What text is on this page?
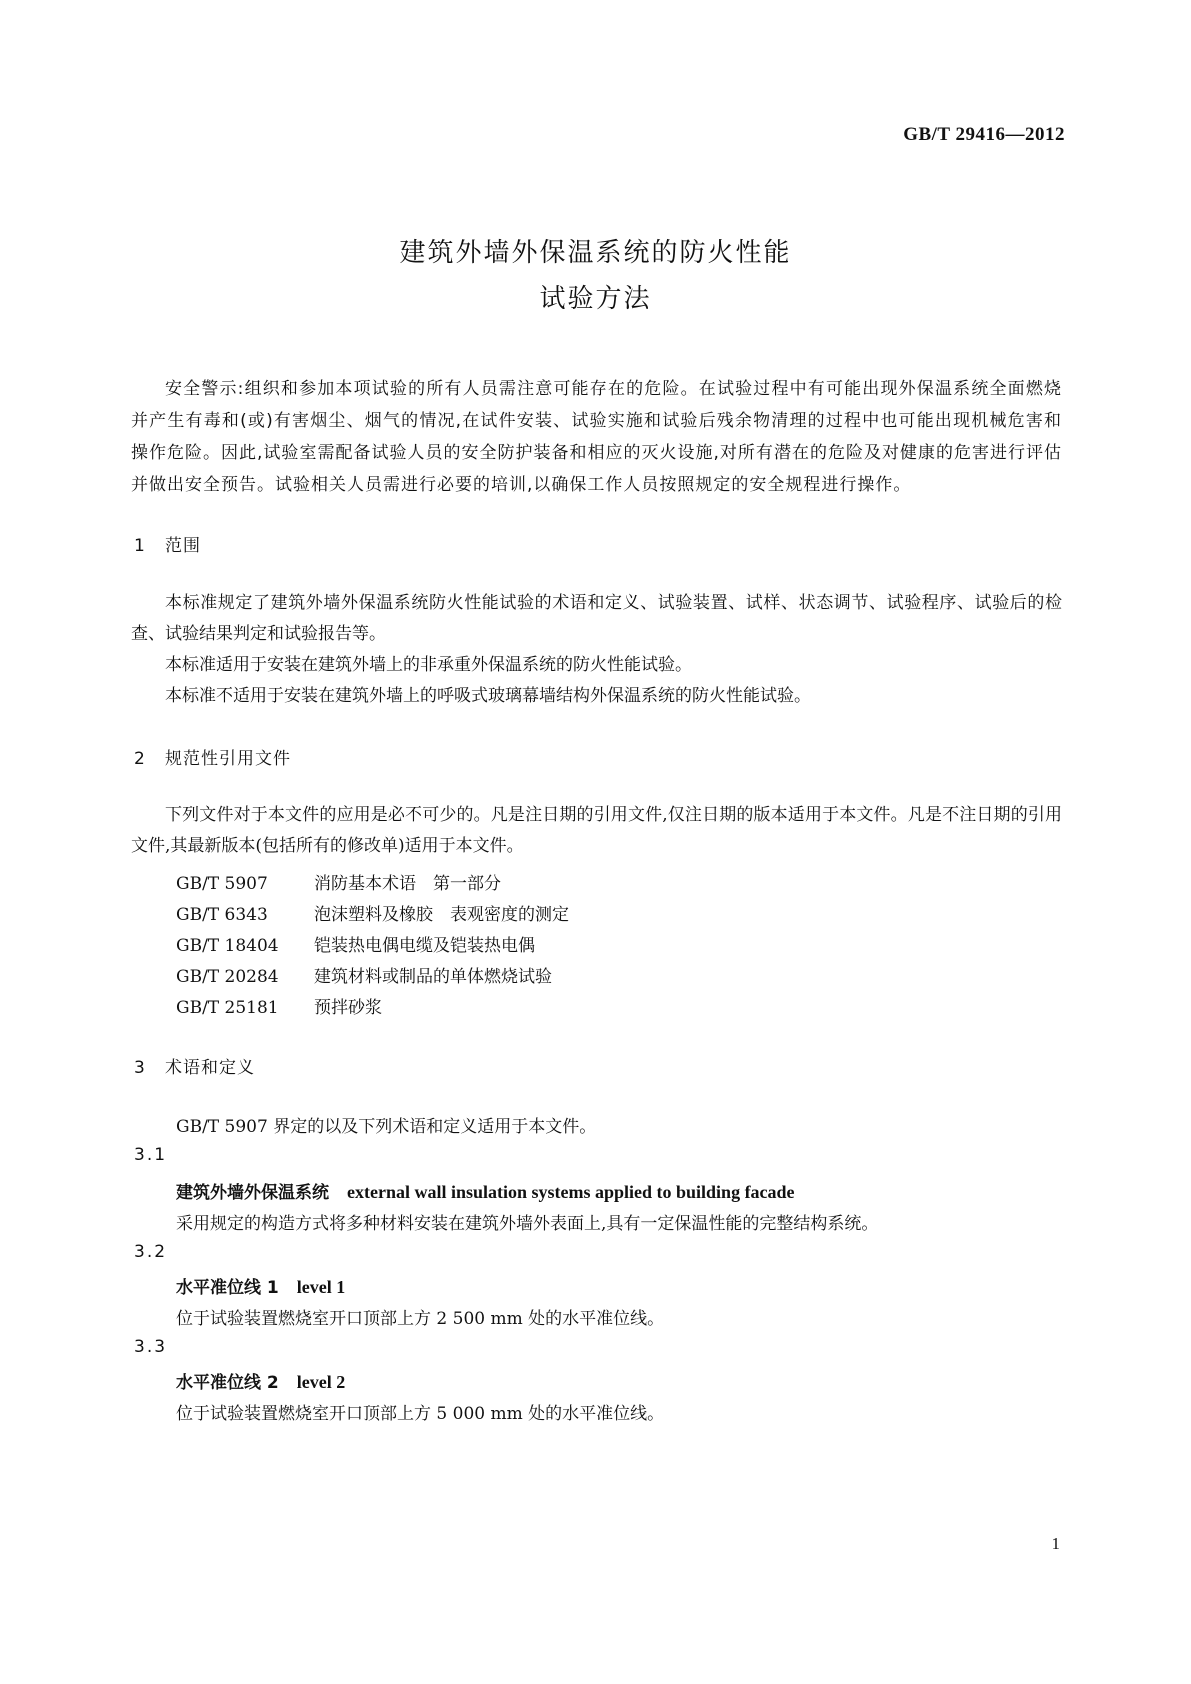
GB/T 29416—2012
建筑外墙外保温系统的防火性能
试验方法

安全警示:组织和参加本项试验的所有人员需注意可能存在的危险。在试验过程中有可能出现外保温系统全面燃烧并产生有毒和(或)有害烟尘、烟气的情况,在试件安装、试验实施和试验后残余物清理的过程中也可能出现机械危害和操作危险。因此,试验室需配备试验人员的安全防护装备和相应的灭火设施,对所有潜在的危险及对健康的危害进行评估并做出安全预告。试验相关人员需进行必要的培训,以确保工作人员按照规定的安全规程进行操作。

1 范围

本标准规定了建筑外墙外保温系统防火性能试验的术语和定义、试验装置、试样、状态调节、试验程序、试验后的检查、试验结果判定和试验报告等。

本标准适用于安装在建筑外墙上的非承重外保温系统的防火性能试验。

本标准不适用于安装在建筑外墙上的呼吸式玻璃幕墙结构外保温系统的防火性能试验。

2 规范性引用文件

下列文件对于本文件的应用是必不可少的。凡是注日期的引用文件,仅注日期的版本适用于本文件。凡是不注日期的引用文件,其最新版本(包括所有的修改单)适用于本文件。

GB/T 5907	消防基本术语　第一部分
GB/T 6343	泡沫塑料及橡胶　表观密度的测定
GB/T 18404 铠装热电偶电缆及铠装热电偶
GB/T 20284 建筑材料或制品的单体燃烧试验
GB/T 25181 预拌砂浆
3 术语和定义
GB/T 5907 界定的以及下列术语和定义适用于本文件。
3.1
建筑外墙外保温系统 external wall insulation systems applied to building facade
采用规定的构造方式将多种材料安装在建筑外墙外表面上,具有一定保温性能的完整结构系统。
3.2
水平准位线 1 level 1
位于试验装置燃烧室开口顶部上方 2 500 mm 处的水平准位线。
3.3
水平准位线 2 level 2
位于试验装置燃烧室开口顶部上方 5 000 mm 处的水平准位线。
1
